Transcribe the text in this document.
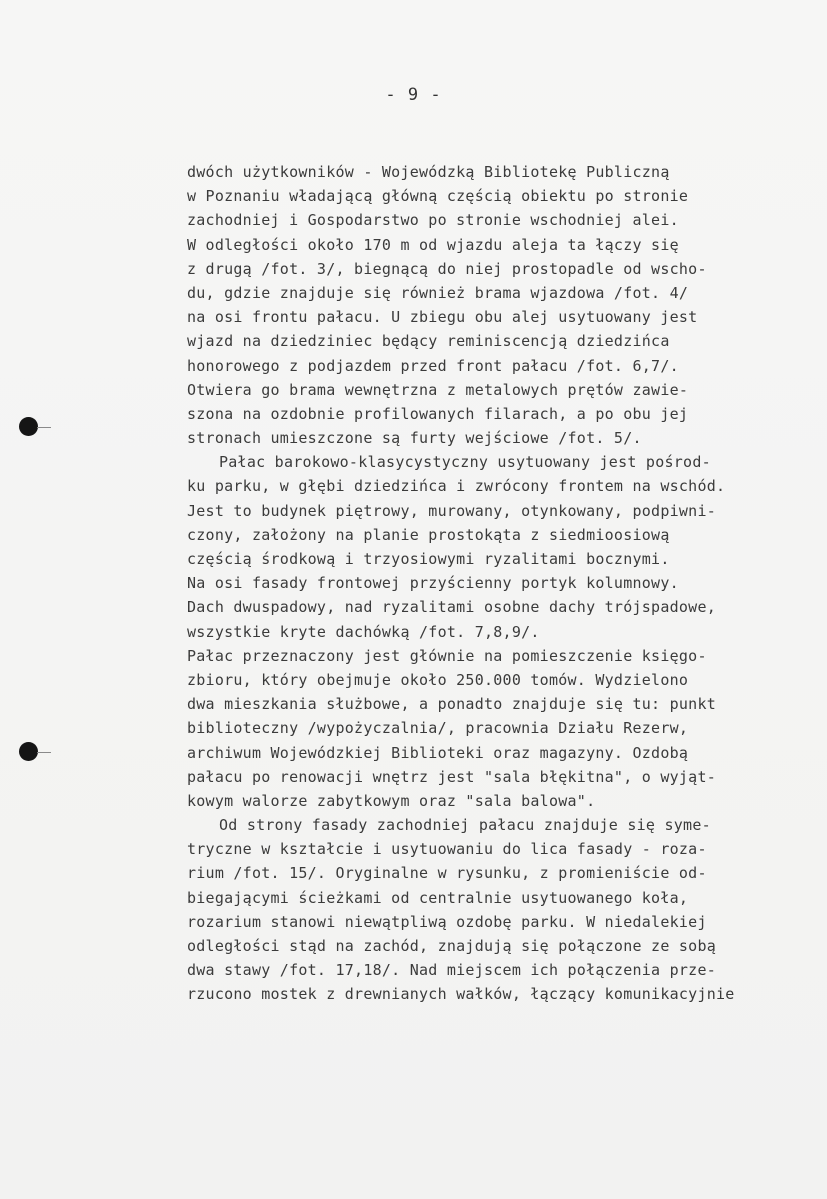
- 9 -
dwóch użytkowników - Wojewódzką Bibliotekę Publiczną
w Poznaniu władającą główną częścią obiektu po stronie
zachodniej i Gospodarstwo po stronie wschodniej alei.
W odległości około 170 m od wjazdu aleja ta łączy się
z drugą /fot. 3/, biegnącą do niej prostopadle od wscho-
du, gdzie znajduje się również brama wjazdowa /fot. 4/
na osi frontu pałacu. U zbiegu obu alej usytuowany jest
wjazd na dziedziniec będący reminiscencją dziedzińca
honorowego z podjazdem przed front pałacu /fot. 6,7/.
Otwiera go brama wewnętrzna z metalowych prętów zawie-
szona na ozdobnie profilowanych filarach, a po obu jej
stronach umieszczone są furty wejściowe /fot. 5/.
Pałac barokowo-klasycystyczny usytuowany jest pośrod-
ku parku, w głębi dziedzińca i zwrócony frontem na wschód.
Jest to budynek piętrowy, murowany, otynkowany, podpiwni-
czony, założony na planie prostokąta z siedmioosiową
częścią środkową i trzyosiowymi ryzalitami bocznymi.
Na osi fasady frontowej przyścienny portyk kolumnowy.
Dach dwuspadowy, nad ryzalitami osobne dachy trójspadowe,
wszystkie kryte dachówką /fot. 7,8,9/.
Pałac przeznaczony jest głównie na pomieszczenie księgo-
zbioru, który obejmuje około 250.000 tomów. Wydzielono
dwa mieszkania służbowe, a ponadto znajduje się tu: punkt
biblioteczny /wypożyczalnia/, pracownia Działu Rezerw,
archiwum Wojewódzkiej Biblioteki oraz magazyny. Ozdobą
pałacu po renowacji wnętrz jest "sala błękitna", o wyjąt-
kowym walorze zabytkowym oraz "sala balowa".
Od strony fasady zachodniej pałacu znajduje się syme-
tryczne w kształcie i usytuowaniu do lica fasady - roza-
rium /fot. 15/. Oryginalne w rysunku, z promieniście od-
biegającymi ścieżkami od centralnie usytuowanego koła,
rozarium stanowi niewątpliwą ozdobę parku. W niedalekiej
odległości stąd na zachód, znajdują się połączone ze sobą
dwa stawy /fot. 17,18/. Nad miejscem ich połączenia prze-
rzucono mostek z drewnianych wałków, łączący komunikacyjnie
